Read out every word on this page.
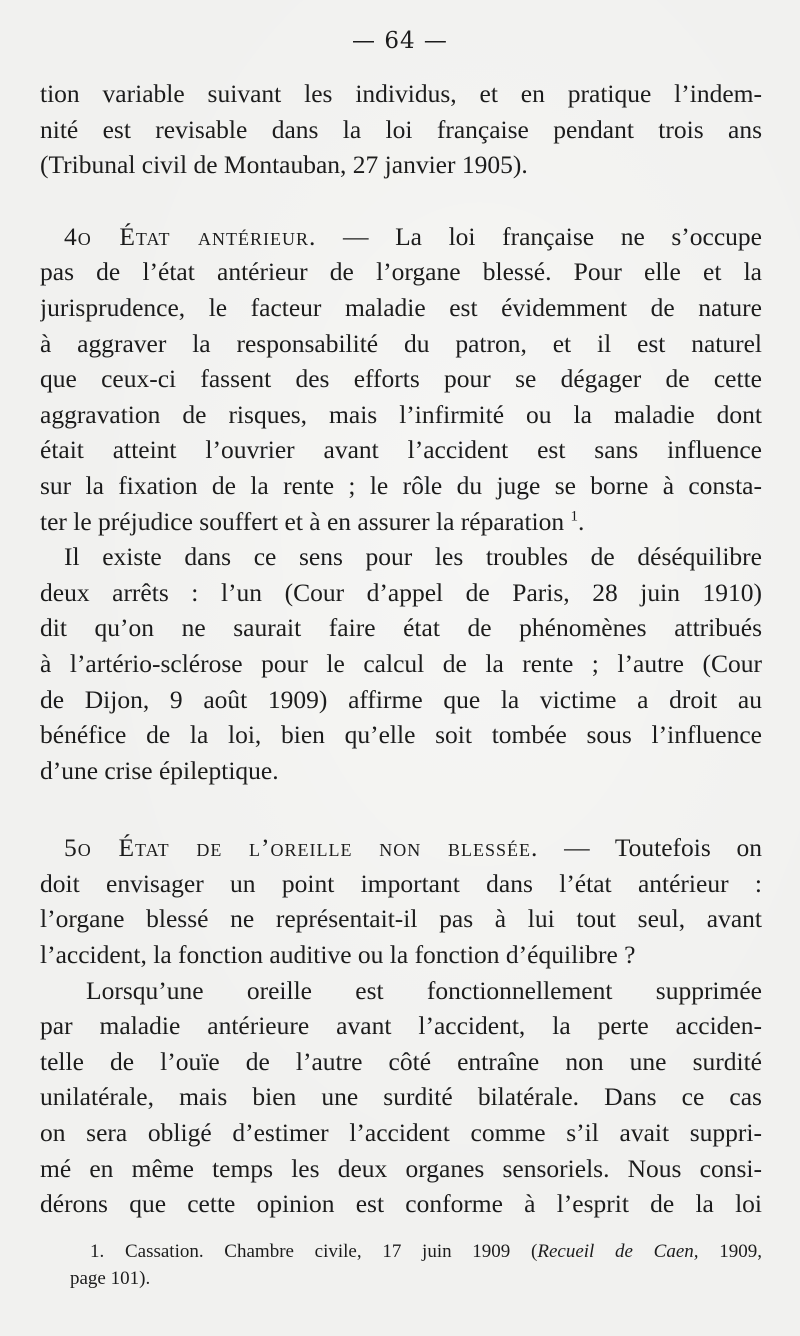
— 64 —
tion variable suivant les individus, et en pratique l’indem-
nité est revisable dans la loi française pendant trois ans
(Tribunal civil de Montauban, 27 janvier 1905).
4o État antérieur. — La loi française ne s’occupe
pas de l’état antérieur de l’organe blessé. Pour elle et la
jurisprudence, le facteur maladie est évidemment de nature
à aggraver la responsabilité du patron, et il est naturel
que ceux-ci fassent des efforts pour se dégager de cette
aggravation de risques, mais l’infirmité ou la maladie dont
était atteint l’ouvrier avant l’accident est sans influence
sur la fixation de la rente ; le rôle du juge se borne à consta-
ter le préjudice souffert et à en assurer la réparation $^1$.
Il existe dans ce sens pour les troubles de déséquilibre
deux arrêts : l’un (Cour d’appel de Paris, 28 juin 1910)
dit qu’on ne saurait faire état de phénomènes attribués
à l’artério-sclérose pour le calcul de la rente ; l’autre (Cour
de Dijon, 9 août 1909) affirme que la victime a droit au
bénéfice de la loi, bien qu’elle soit tombée sous l’influence
d’une crise épileptique.
5o État de l’oreille non blessée. — Toutefois on
doit envisager un point important dans l’état antérieur :
l’organe blessé ne représentait-il pas à lui tout seul, avant
l’accident, la fonction auditive ou la fonction d’équilibre ?
Lorsqu’une oreille est fonctionnellement supprimée
par maladie antérieure avant l’accident, la perte acciden-
telle de l’ouïe de l’autre côté entraîne non une surdité
unilatérale, mais bien une surdité bilatérale. Dans ce cas
on sera obligé d’estimer l’accident comme s’il avait suppri-
mé en même temps les deux organes sensoriels. Nous consi-
dérons que cette opinion est conforme à l’esprit de la loi
1. Cassation. Chambre civile, 17 juin 1909 (Recueil de Caen, 1909,
page 101).
